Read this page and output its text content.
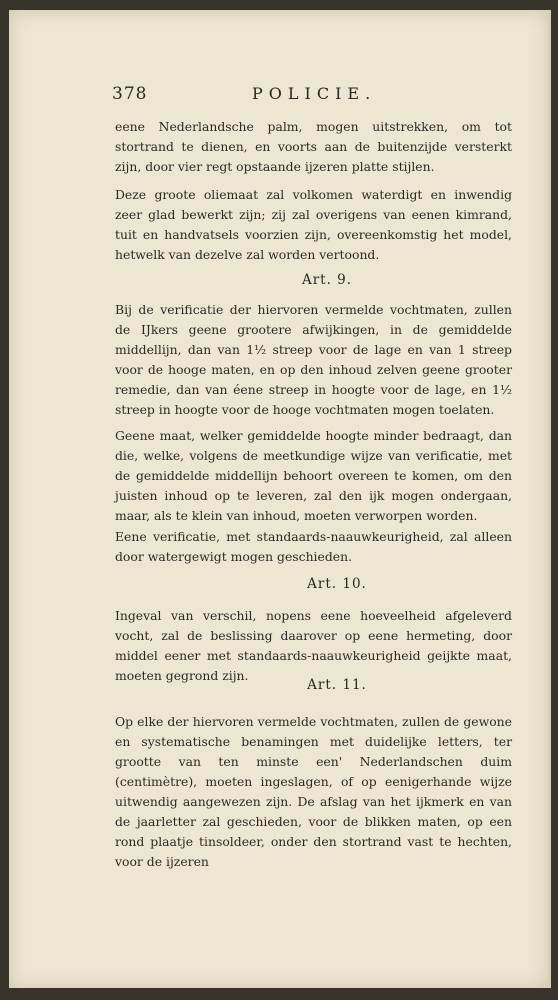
378	POLICIE.

eene Nederlandsche palm, mogen uitstrekken, om tot stortrand te dienen, en voorts aan de buitenzijde versterkt zijn, door vier regt opstaande ijzeren platte stijlen.

Deze groote oliemaat zal volkomen waterdigt en inwendig zeer glad bewerkt zijn; zij zal overigens van eenen kimrand, tuit en handvatsels voorzien zijn, overeenkomstig het model, hetwelk van dezelve zal worden vertoond.

Art. 9.

Bij de verificatie der hiervoren vermelde vochtmaten, zullen de IJkers geene grootere afwijkingen, in de gemiddelde middellijn, dan van 1½ streep voor de lage en van 1 streep voor de hooge maten, en op den inhoud zelven geene grooter remedie, dan van éene streep in hoogte voor de lage, en 1½ streep in hoogte voor de hooge vochtmaten mogen toelaten.

Geene maat, welker gemiddelde hoogte minder bedraagt, dan die, welke, volgens de meetkundige wijze van verificatie, met de gemiddelde middellijn behoort overeen te komen, om den juisten inhoud op te leveren, zal den ijk mogen ondergaan, maar, als te klein van inhoud, moeten verworpen worden.

Eene verificatie, met standaards-naauwkeurigheid, zal alleen door watergewigt mogen geschieden.

Art. 10.

Ingeval van verschil, nopens eene hoeveelheid afgeleverd vocht, zal de beslissing daarover op eene hermeting, door middel eener met standaards-naauwkeurigheid geijkte maat, moeten gegrond zijn.

Art. 11.

Op elke der hiervoren vermelde vochtmaten, zullen de gewone en systematische benamingen met duidelijke letters, ter grootte van ten minste een' Nederlandschen duim (centimètre), moeten ingeslagen, of op eenigerhande wijze uitwendig aangewezen zijn. De afslag van het ijkmerk en van de jaarletter zal geschieden, voor de blikken maten, op een rond plaatje tinsoldeer, onder den stortrand vast te hechten, voor de ijzeren
